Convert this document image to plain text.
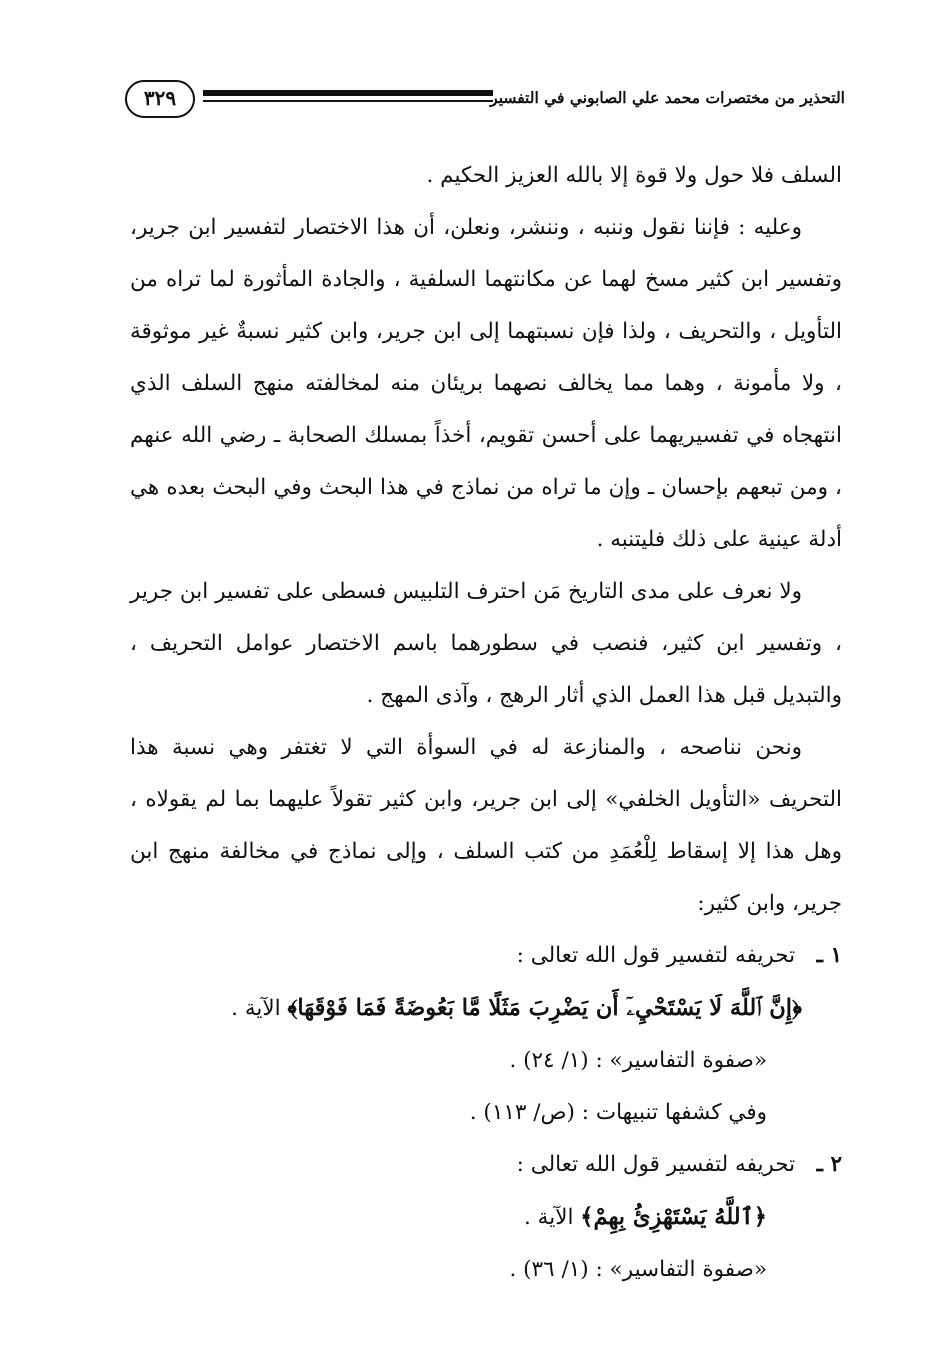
٣٢٩	التحذير من مختصرات محمد علي الصابوني في التفسير

السلف فلا حول ولا قوة إلا بالله العزيز الحكيم .

وعليه : فإننا نقول وننبه ، وننشر، ونعلن، أن هذا الاختصار لتفسير ابن جرير، وتفسير ابن كثير مسخ لهما عن مكانتهما السلفية ، والجادة المأثورة لما تراه من التأويل ، والتحريف ، ولذا فإن نسبتهما إلى ابن جرير، وابن كثير نسبةٌ غير موثوقة ، ولا مأمونة ، وهما مما يخالف نصهما بريئان منه لمخالفته منهج السلف الذي انتهجاه في تفسيريهما على أحسن تقويم، أخذاً بمسلك الصحابة ـ رضي الله عنهم ، ومن تبعهم بإحسان ـ وإن ما تراه من نماذج في هذا البحث وفي البحث بعده هي أدلة عينية على ذلك فليتنبه .

ولا نعرف على مدى التاريخ مَن احترف التلبيس فسطى على تفسير ابن جرير ، وتفسير ابن كثير، فنصب في سطورهما باسم الاختصار عوامل التحريف ، والتبديل قبل هذا العمل الذي أثار الرهج ، وآذى المهج .

ونحن نناصحه ، والمنازعة له في السوأة التي لا تغتفر وهي نسبة هذا التحريف «التأويل الخلفي» إلى ابن جرير، وابن كثير تقولاً عليهما بما لم يقولاه ، وهل هذا إلا إسقاط لِلْعُمَدِ من كتب السلف ، وإلى نماذج في مخالفة منهج ابن جرير، وابن كثير:

١ ـ تحريفه لتفسير قول الله تعالى :
﴿إِنَّ ٱللَّهَ لَا يَسْتَحْيِۦٓ أَن يَضْرِبَ مَثَلًا مَّا بَعُوضَةً فَمَا فَوْقَهَا﴾ الآية .
«صفوة التفاسير» : (١/ ٢٤) .
وفي كشفها تنبيهات : (ص/ ١١٣) .
٢ ـ تحريفه لتفسير قول الله تعالى :
﴿ٱللَّهُ يَسْتَهْزِئُ بِهِمْ﴾ الآية .
«صفوة التفاسير» : (١/ ٣٦) .
